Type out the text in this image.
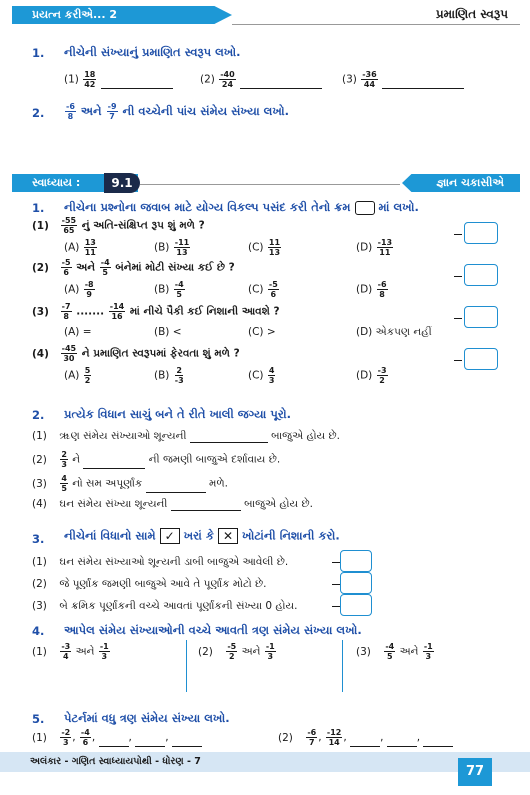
પ્રયત્ન કરીએ... 2	પ્રમાણિત સ્વરૂપ
1. નીચેની સંખ્યાનું પ્રમાણિત સ્વરૂપ લખો.
$(1) \frac{18}{42}$
	$(2) \frac{-40}{24}$
	$(3) \frac{-36}{44}$

2.	$\frac{-6}{8}$ અને $\frac{-9}{7}$ ની વચ્ચેની પાંચ સંમેય સંખ્યા લખો.
સ્વાધ્યાય :	9.1	જ્ઞાન ચકાસીએ
1. નીચેના પ્રશ્નોના જવાબ માટે યોગ્ય વિકલ્પ પસંદ કરી તેનો ક્રમ માં લખો.
$(1) \frac{-55}{65}$ નું અતિ-સંક્ષિપ્ત રૂપ શું મળે ?
$(A) \frac{13}{11}$	$(B) \frac{-11}{13}$	$(C) \frac{11}{13}$	$(D) \frac{-13}{11}$
$(2) \frac{-5}{6}$ અને $\frac{-4}{5}$ બંનેમાં મોટી સંખ્યા કઈ છે ?
$(A) \frac{-8}{9}$	$(B) \frac{-4}{5}$	$(C) \frac{-5}{6}$	$(D) \frac{-6}{8}$
$(3) \frac{-7}{8}$ ....... $\frac{-14}{16}$ માં નીચે પૈકી કઈ નિશાની આવશે ?
(A) =	(B) <	(C) >	(D) એકપણ નહીં
$(4) \frac{-45}{30}$ ને પ્રમાણિત સ્વરૂપમાં ફેરવતા શું મળે ?
$(A) \frac{5}{2}$	$(B) \frac{2}{-3}$	$(C) \frac{4}{3}$	$(D) \frac{-3}{2}$
2. પ્રત્યેક વિધાન સાચું બને તે રીતે ખાલી જગ્યા પૂરો.
(1) ૠણ સંમેય સંખ્યાઓ શૂન્યની	બાજુએ હોય છે.
$(2) \frac{2}{3}$ ને	ની જમણી બાજુએ દર્શાવાય છે.
$(3) \frac{4}{5}$ નો સમ અપૂર્ણાંક	મળે.
(4) ઘન સંમેય સંખ્યા શૂન્યની	બાજુએ હોય છે.
3. નીચેનાં વિધાનો સામે ✓ ખરાં કે ✕ ખોટાંની નિશાની કરો.
(1) ઘન સંમેય સંખ્યાઓ શૂન્યની ડાબી બાજુએ આવેલી છે.
(2) જે પૂર્ણાંક જમણી બાજુએ આવે તે પૂર્ણાંક મોટો છે.
(3) બે ક્રમિક પૂર્ણાંકની વચ્ચે આવતાં પૂર્ણાંકની સંખ્યા 0 હોય.
4. આપેલ સંમેય સંખ્યાઓની વચ્ચે આવતી ત્રણ સંમેય સંખ્યા લખો.
$(1) \frac{-3}{4}$ અને $\frac{-1}{3}$	$(2) \frac{-5}{2}$ અને $\frac{-1}{3}$	$(3) \frac{-4}{5}$ અને $\frac{-1}{3}$
5. પેટર્નમાં વધુ ત્રણ સંમેય સંખ્યા લખો.
$(1) \frac{-2}{3}$ , $\frac{-4}{6}$ ,	,	,	$(2) \frac{-6}{7}$ , $\frac{-12}{14}$ ,	,	,
અલંકાર - ગણિત સ્વાધ્યાયપોથી - ધોરણ - 7
77
